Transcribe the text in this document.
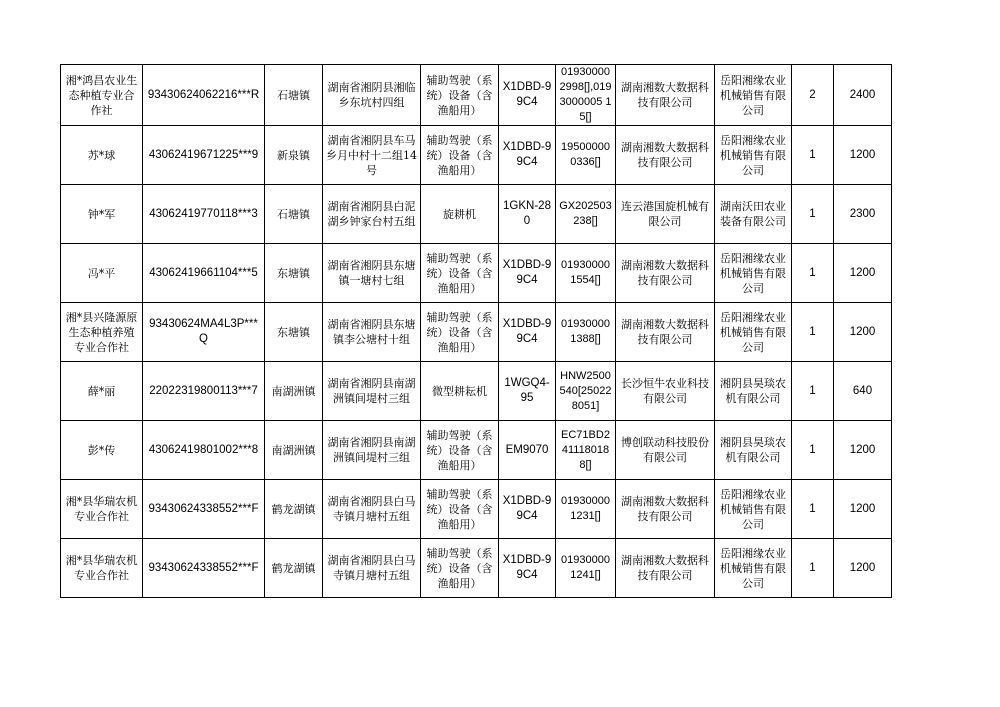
湘*鸿昌农业生态种植专业合作社	93430624062216***R	石塘镇	湖南省湘阴县湘临乡东坑村四组	辅助驾驶（系统）设备（含渔船用）	X1DBD-99C4	019300002998[],0193000005 15[]	湖南湘数大数据科技有限公司	岳阳湘缘农业机械销售有限公司	2	2400
苏*球	43062419671225***9	新泉镇	湖南省湘阴县车马乡月中村十二组14号	辅助驾驶（系统）设备（含渔船用）	X1DBD-99C4	195000000336[]	湖南湘数大数据科技有限公司	岳阳湘缘农业机械销售有限公司	1	1200
钟*军	43062419770118***3	石塘镇	湖南省湘阴县白泥湖乡钟家台村五组	旋耕机	1GKN-280	GX202503238[]	连云港国旋机械有限公司	湖南沃田农业装备有限公司	1	2300
冯*平	43062419661104***5	东塘镇	湖南省湘阴县东塘镇一塘村七组	辅助驾驶（系统）设备（含渔船用）	X1DBD-99C4	019300001554[]	湖南湘数大数据科技有限公司	岳阳湘缘农业机械销售有限公司	1	1200
湘*县兴隆源原生态种植养殖专业合作社	93430624MA4L3P***Q	东塘镇	湖南省湘阴县东塘镇李公塘村十组	辅助驾驶（系统）设备（含渔船用）	X1DBD-99C4	019300001388[]	湖南湘数大数据科技有限公司	岳阳湘缘农业机械销售有限公司	1	1200
薛*丽	22022319800113***7	南湖洲镇	湖南省湘阴县南湖洲镇间堤村三组	微型耕耘机	1WGQ4-95	HNW2500540[250228051]	长沙恒牛农业科技有限公司	湘阴县昊琰农机有限公司	1	640
彭*传	43062419801002***8	南湖洲镇	湖南省湘阴县南湖洲镇间堤村三组	辅助驾驶（系统）设备（含渔船用）	EM9070	EC71BD2411180188[]	博创联动科技股份有限公司	湘阴县昊琰农机有限公司	1	1200
湘*县华瑞农机专业合作社	93430624338552***F	鹤龙湖镇	湖南省湘阴县白马寺镇月塘村五组	辅助驾驶（系统）设备（含渔船用）	X1DBD-99C4	019300001231[]	湖南湘数大数据科技有限公司	岳阳湘缘农业机械销售有限公司	1	1200
湘*县华瑞农机专业合作社	93430624338552***F	鹤龙湖镇	湖南省湘阴县白马寺镇月塘村五组	辅助驾驶（系统）设备（含渔船用）	X1DBD-99C4	019300001241[]	湖南湘数大数据科技有限公司	岳阳湘缘农业机械销售有限公司	1	1200
